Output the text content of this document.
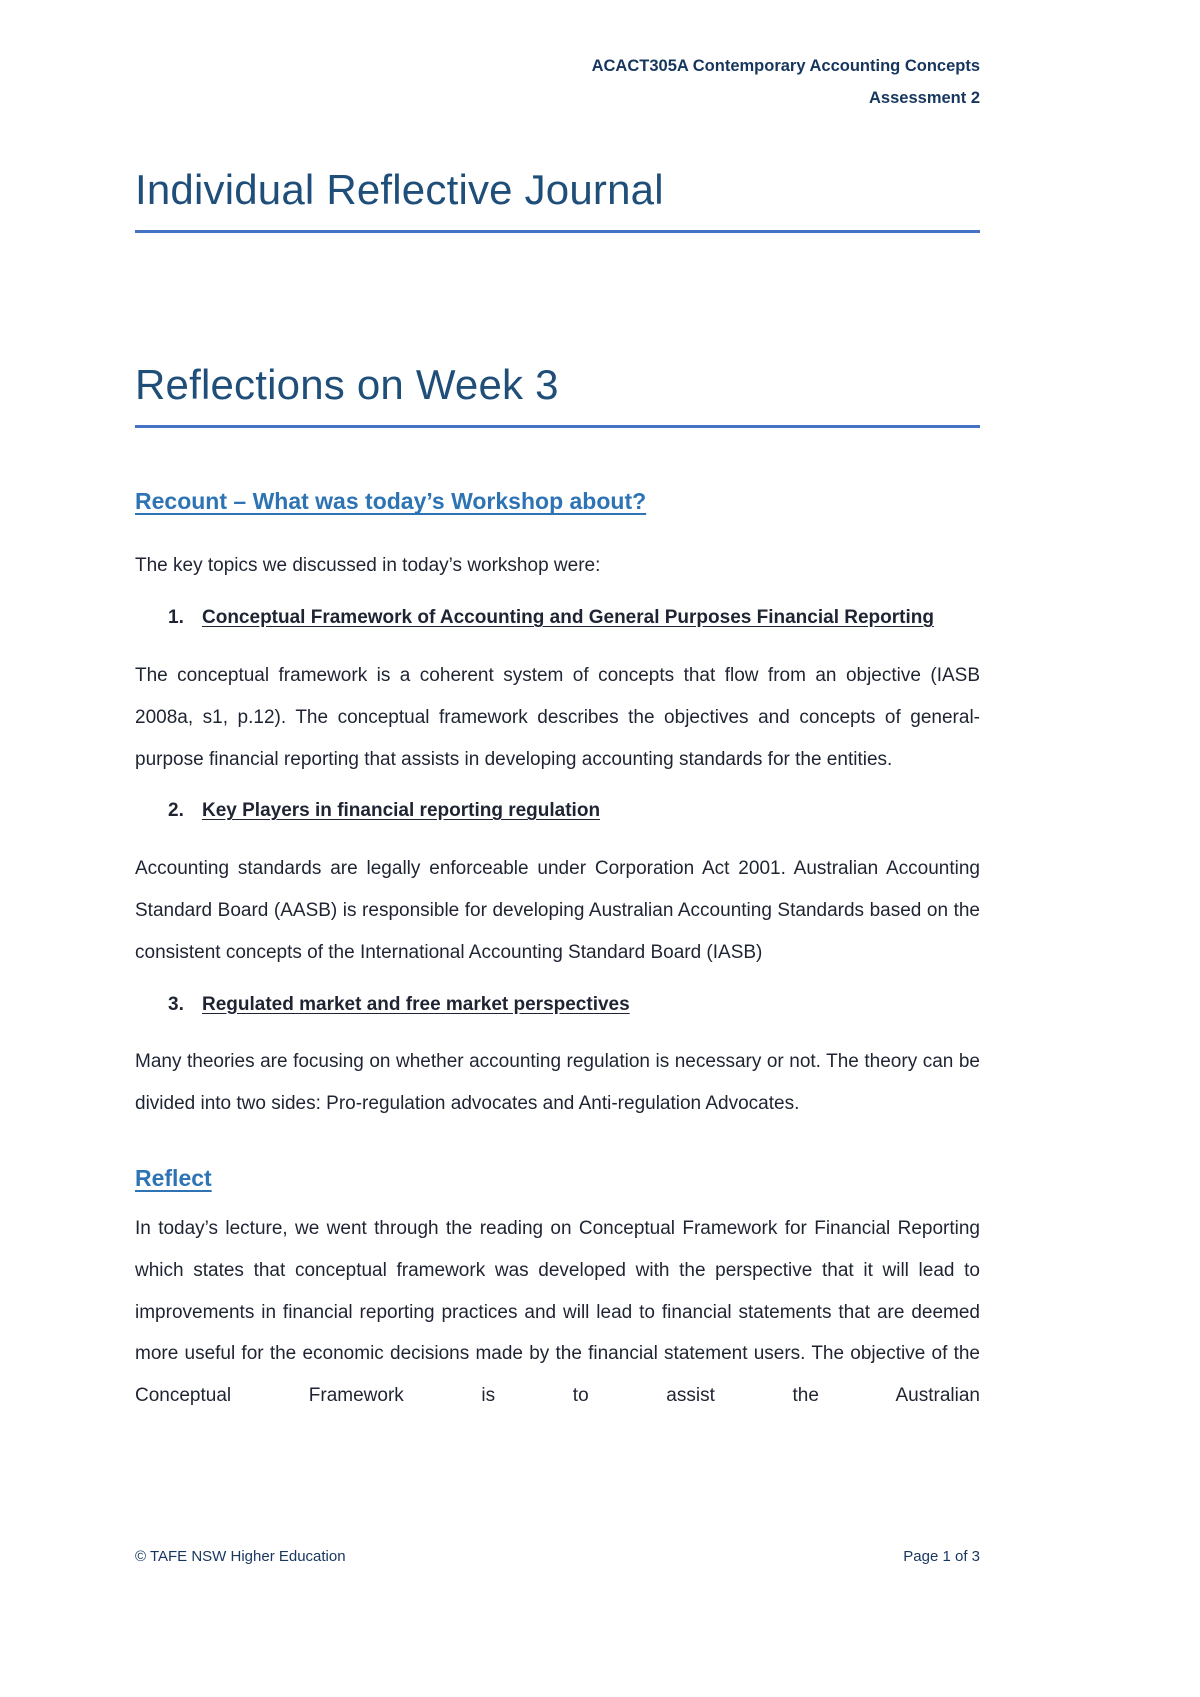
ACACT305A Contemporary Accounting Concepts
Assessment 2
Individual Reflective Journal
Reflections on Week 3
Recount – What was today’s Workshop about?

The key topics we discussed in today’s workshop were:

1. Conceptual Framework of Accounting and General Purposes Financial Reporting

The conceptual framework is a coherent system of concepts that flow from an objective (IASB 2008a, s1, p.12). The conceptual framework describes the objectives and concepts of general-purpose financial reporting that assists in developing accounting standards for the entities.

2. Key Players in financial reporting regulation

Accounting standards are legally enforceable under Corporation Act 2001. Australian Accounting Standard Board (AASB) is responsible for developing Australian Accounting Standards based on the consistent concepts of the International Accounting Standard Board (IASB)

3. Regulated market and free market perspectives

Many theories are focusing on whether accounting regulation is necessary or not. The theory can be divided into two sides: Pro-regulation advocates and Anti-regulation Advocates.

Reflect

In today’s lecture, we went through the reading on Conceptual Framework for Financial Reporting which states that conceptual framework was developed with the perspective that it will lead to improvements in financial reporting practices and will lead to financial statements that are deemed more useful for the economic decisions made by the financial statement users. The objective of the Conceptual Framework is to assist the Australian

© TAFE NSW Higher Education	Page 1 of 3
